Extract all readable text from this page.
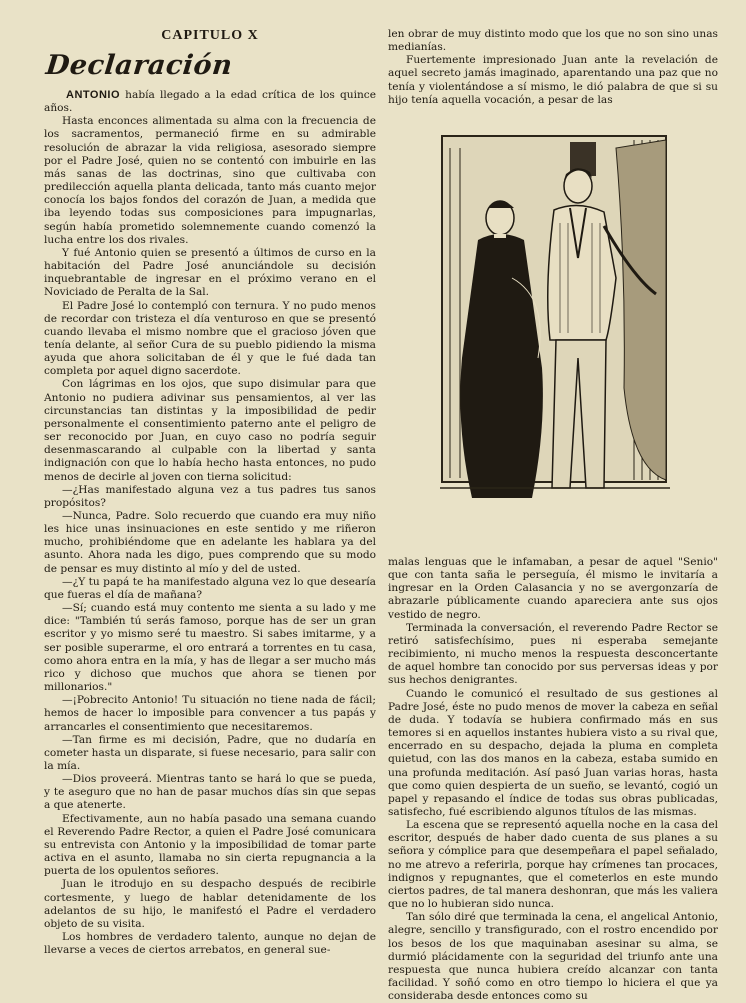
CAPITULO X
Declaración

ANTONIO había llegado a la edad crítica de los quince años.

Hasta enconces alimentada su alma con la frecuencia de los sacramentos, permaneció firme en su admirable resolución de abrazar la vida religiosa, asesorado siempre por el Padre José, quien no se contentó con imbuirle en las más sanas de las doctrinas, sino que cultivaba con predilección aquella planta delicada, tanto más cuanto mejor conocía los bajos fondos del corazón de Juan, a medida que iba leyendo todas sus composiciones para impugnarlas, según había prometido solemnemente cuando comenzó la lucha entre los dos rivales.

Y fué Antonio quien se presentó a últimos de curso en la habitación del Padre José anunciándole su decisión inquebrantable de ingresar en el próximo verano en el Noviciado de Peralta de la Sal.

El Padre José lo contempló con ternura. Y no pudo menos de recordar con tristeza el día venturoso en que se presentó cuando llevaba el mismo nombre que el gracioso jóven que tenía delante, al señor Cura de su pueblo pidiendo la misma ayuda que ahora solicitaban de él y que le fué dada tan completa por aquel digno sacerdote.

Con lágrimas en los ojos, que supo disimular para que Antonio no pudiera adivinar sus pensamientos, al ver las circunstancias tan distintas y la imposibilidad de pedir personalmente el consentimiento paterno ante el peligro de ser reconocido por Juan, en cuyo caso no podría seguir desenmascarando al culpable con la libertad y santa indignación con que lo había hecho hasta entonces, no pudo menos de decirle al joven con tierna solicitud:

—¿Has manifestado alguna vez a tus padres tus sanos propósitos?

—Nunca, Padre. Solo recuerdo que cuando era muy niño les hice unas insinuaciones en este sentido y me riñeron mucho, prohibiéndome que en adelante les hablara ya del asunto. Ahora nada les digo, pues comprendo que su modo de pensar es muy distinto al mío y del de usted.

—¿Y tu papá te ha manifestado alguna vez lo que desearía que fueras el día de mañana?

—Sí; cuando está muy contento me sienta a su lado y me dice: "También tú serás famoso, porque has de ser un gran escritor y yo mismo seré tu maestro. Si sabes imitarme, y a ser posible superarme, el oro entrará a torrentes en tu casa, como ahora entra en la mía, y has de llegar a ser mucho más rico y dichoso que muchos que ahora se tienen por millonarios."

—¡Pobrecito Antonio! Tu situación no tiene nada de fácil; hemos de hacer lo imposible para convencer a tus papás y arrancarles el consentimiento que necesitaremos.

—Tan firme es mi decisión, Padre, que no dudaría en cometer hasta un disparate, si fuese necesario, para salir con la mía.

—Dios proveerá. Mientras tanto se hará lo que se pueda, y te aseguro que no han de pasar muchos días sin que sepas a que atenerte.

Efectivamente, aun no había pasado una semana cuando el Reverendo Padre Rector, a quien el Padre José comunicara su entrevista con Antonio y la imposibilidad de tomar parte activa en el asunto, llamaba no sin cierta repugnancia a la puerta de los opulentos señores.

Juan le itrodujo en su despacho después de recibirle cortesmente, y luego de hablar detenidamente de los adelantos de su hijo, le manifestó el Padre el verdadero objeto de su visita.

Los hombres de verdadero talento, aunque no dejan de llevarse a veces de ciertos arrebatos, en general sue-

len obrar de muy distinto modo que los que no son sino unas medianías.

Fuertemente impresionado Juan ante la revelación de aquel secreto jamás imaginado, aparentando una paz que no tenía y violentándose a sí mismo, le dió palabra de que si su hijo tenía aquella vocación, a pesar de las

malas lenguas que le infamaban, a pesar de aquel "Senio" que con tanta saña le perseguía, él mismo le invitaría a ingresar en la Orden Calasancia y no se avergonzaría de abrazarle públicamente cuando apareciera ante sus ojos vestido de negro.

Terminada la conversación, el reverendo Padre Rector se retiró satisfechísimo, pues ni esperaba semejante recibimiento, ni mucho menos la respuesta desconcertante de aquel hombre tan conocido por sus perversas ideas y por sus hechos denigrantes.

Cuando le comunicó el resultado de sus gestiones al Padre José, éste no pudo menos de mover la cabeza en señal de duda. Y todavía se hubiera confirmado más en sus temores si en aquellos instantes hubiera visto a su rival que, encerrado en su despacho, dejada la pluma en completa quietud, con las dos manos en la cabeza, estaba sumido en una profunda meditación. Así pasó Juan varias horas, hasta que como quien despierta de un sueño, se levantó, cogió un papel y repasando el índice de todas sus obras publicadas, satisfecho, fué escribiendo algunos títulos de las mismas.

La escena que se representó aquella noche en la casa del escritor, después de haber dado cuenta de sus planes a su señora y cómplice para que desempeñara el papel señalado, no me atrevo a referirla, porque hay crímenes tan procaces, indignos y repugnantes, que el cometerlos en este mundo ciertos padres, de tal manera deshonran, que más les valiera que no lo hubieran sido nunca.

Tan sólo diré que terminada la cena, el angelical Antonio, alegre, sencillo y transfigurado, con el rostro encendido por los besos de los que maquinaban asesinar su alma, se durmió plácidamente con la seguridad del triunfo ante una respuesta que nunca hubiera creído alcanzar con tanta facilidad. Y soñó como en otro tiempo lo hiciera el que ya consideraba desde entonces como su
